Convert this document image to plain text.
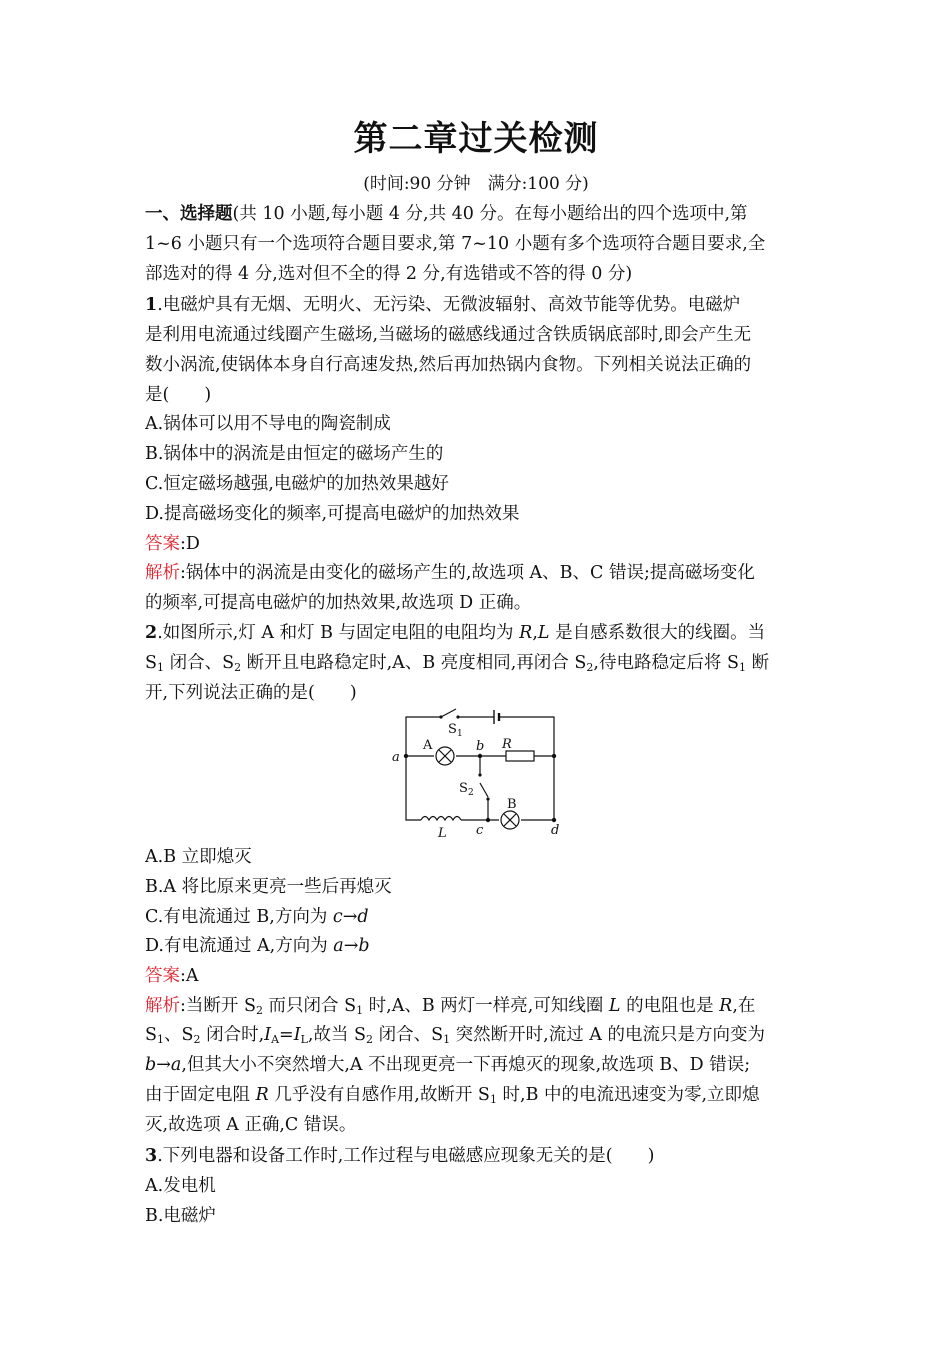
第二章过关检测
(时间:90 分钟　满分:100 分)
一、选择题(共 10 小题,每小题 4 分,共 40 分。在每小题给出的四个选项中,第
1~6 小题只有一个选项符合题目要求,第 7~10 小题有多个选项符合题目要求,全
部选对的得 4 分,选对但不全的得 2 分,有选错或不答的得 0 分)
1.电磁炉具有无烟、无明火、无污染、无微波辐射、高效节能等优势。电磁炉
是利用电流通过线圈产生磁场,当磁场的磁感线通过含铁质锅底部时,即会产生无
数小涡流,使锅体本身自行高速发热,然后再加热锅内食物。下列相关说法正确的
是(　　)
A.锅体可以用不导电的陶瓷制成
B.锅体中的涡流是由恒定的磁场产生的
C.恒定磁场越强,电磁炉的加热效果越好
D.提高磁场变化的频率,可提高电磁炉的加热效果
答案:D
解析:锅体中的涡流是由变化的磁场产生的,故选项 A、B、C 错误;提高磁场变化
的频率,可提高电磁炉的加热效果,故选项 D 正确。
2.如图所示,灯 A 和灯 B 与固定电阻的电阻均为 R,L 是自感系数很大的线圈。当
$S_1$ 闭合、$S_2$ 断开且电路稳定时,A、B 亮度相同,再闭合 $S_2$,待电路稳定后将 $S_1$ 断
开,下列说法正确的是(　　)
S 1
A	b R
a
S 2
B
L c	d
A.B 立即熄灭
B.A 将比原来更亮一些后再熄灭
C.有电流通过 B,方向为 c→d
D.有电流通过 A,方向为 a→b
答案:A
解析:当断开 $S_2$ 而只闭合 $S_1$ 时,A、B 两灯一样亮,可知线圈 L 的电阻也是 R,在
$S_1$、$S_2$ 闭合时$,I_A=I_L$,故当 $S_2$ 闭合、$S_1$ 突然断开时,流过 A 的电流只是方向变为
b→a,但其大小不突然增大,A 不出现更亮一下再熄灭的现象,故选项 B、D 错误;
由于固定电阻 R 几乎没有自感作用,故断开 $S_1$ 时,B 中的电流迅速变为零,立即熄
灭,故选项 A 正确,C 错误。
3.下列电器和设备工作时,工作过程与电磁感应现象无关的是(　　)
A.发电机
B.电磁炉
